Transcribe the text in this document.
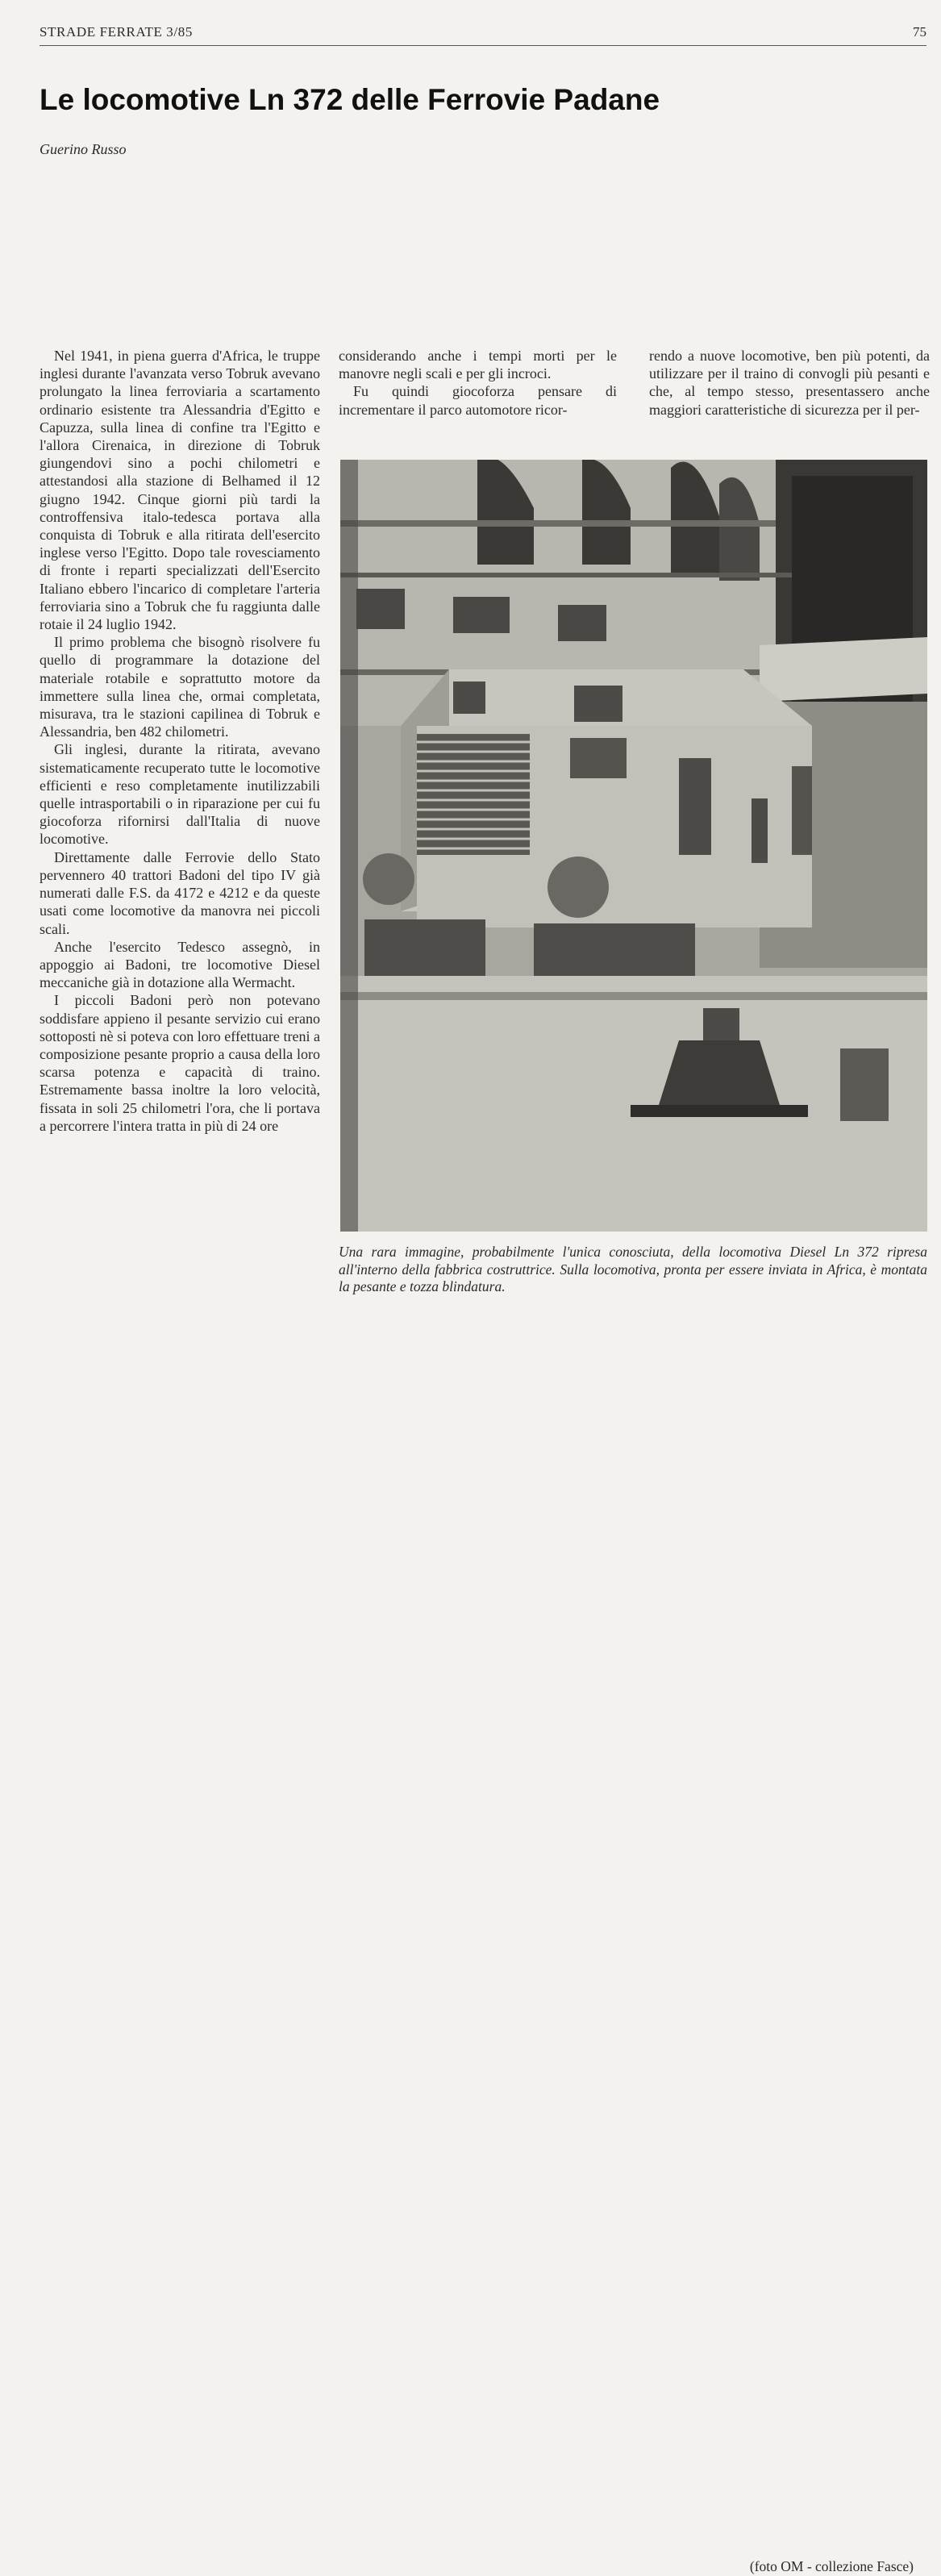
STRADE FERRATE 3/85	75
Le locomotive Ln 372 delle Ferrovie Padane
Guerino Russo

Nel 1941, in piena guerra d'Africa, le truppe inglesi durante l'avanzata verso Tobruk avevano prolungato la linea ferroviaria a scartamento ordinario esistente tra Alessandria d'Egitto e Capuzza, sulla linea di confine tra l'Egitto e l'allora Cirenaica, in direzione di Tobruk giungendovi sino a pochi chilometri e attestandosi alla stazione di Belhamed il 12 giugno 1942. Cinque giorni più tardi la controffensiva italo-tedesca portava alla conquista di Tobruk e alla ritirata dell'esercito inglese verso l'Egitto. Dopo tale rovesciamento di fronte i reparti specializzati dell'Esercito Italiano ebbero l'incarico di completare l'arteria ferroviaria sino a Tobruk che fu raggiunta dalle rotaie il 24 luglio 1942.

Il primo problema che bisognò risolvere fu quello di programmare la dotazione del materiale rotabile e soprattutto motore da immettere sulla linea che, ormai completata, misurava, tra le stazioni capilinea di Tobruk e Alessandria, ben 482 chilometri.

Gli inglesi, durante la ritirata, avevano sistematicamente recuperato tutte le locomotive efficienti e reso completamente inutilizzabili quelle intrasportabili o in riparazione per cui fu giocoforza rifornirsi dall'Italia di nuove locomotive.

Direttamente dalle Ferrovie dello Stato pervennero 40 trattori Badoni del tipo IV già numerati dalle F.S. da 4172 e 4212 e da queste usati come locomotive da manovra nei piccoli scali.

Anche l'esercito Tedesco assegnò, in appoggio ai Badoni, tre locomotive Diesel meccaniche già in dotazione alla Wermacht.

I piccoli Badoni però non potevano soddisfare appieno il pesante servizio cui erano sottoposti nè si poteva con loro effettuare treni a composizione pesante proprio a causa della loro scarsa potenza e capacità di traino. Estremamente bassa inoltre la loro velocità, fissata in soli 25 chilometri l'ora, che li portava a percorrere l'intera tratta in più di 24 ore

considerando anche i tempi morti per le manovre negli scali e per gli incroci.

Fu quindi giocoforza pensare di incrementare il parco automotore ricor-

rendo a nuove locomotive, ben più potenti, da utilizzare per il traino di convogli più pesanti e che, al tempo stesso, presentassero anche maggiori caratteristiche di sicurezza per il per-

Una rara immagine, probabilmente l'unica conosciuta, della locomotiva Diesel Ln 372 ripresa all'interno della fabbrica costruttrice. Sulla locomotiva, pronta per essere inviata in Africa, è montata la pesante e tozza blindatura.
(foto OM - collezione Fasce)
